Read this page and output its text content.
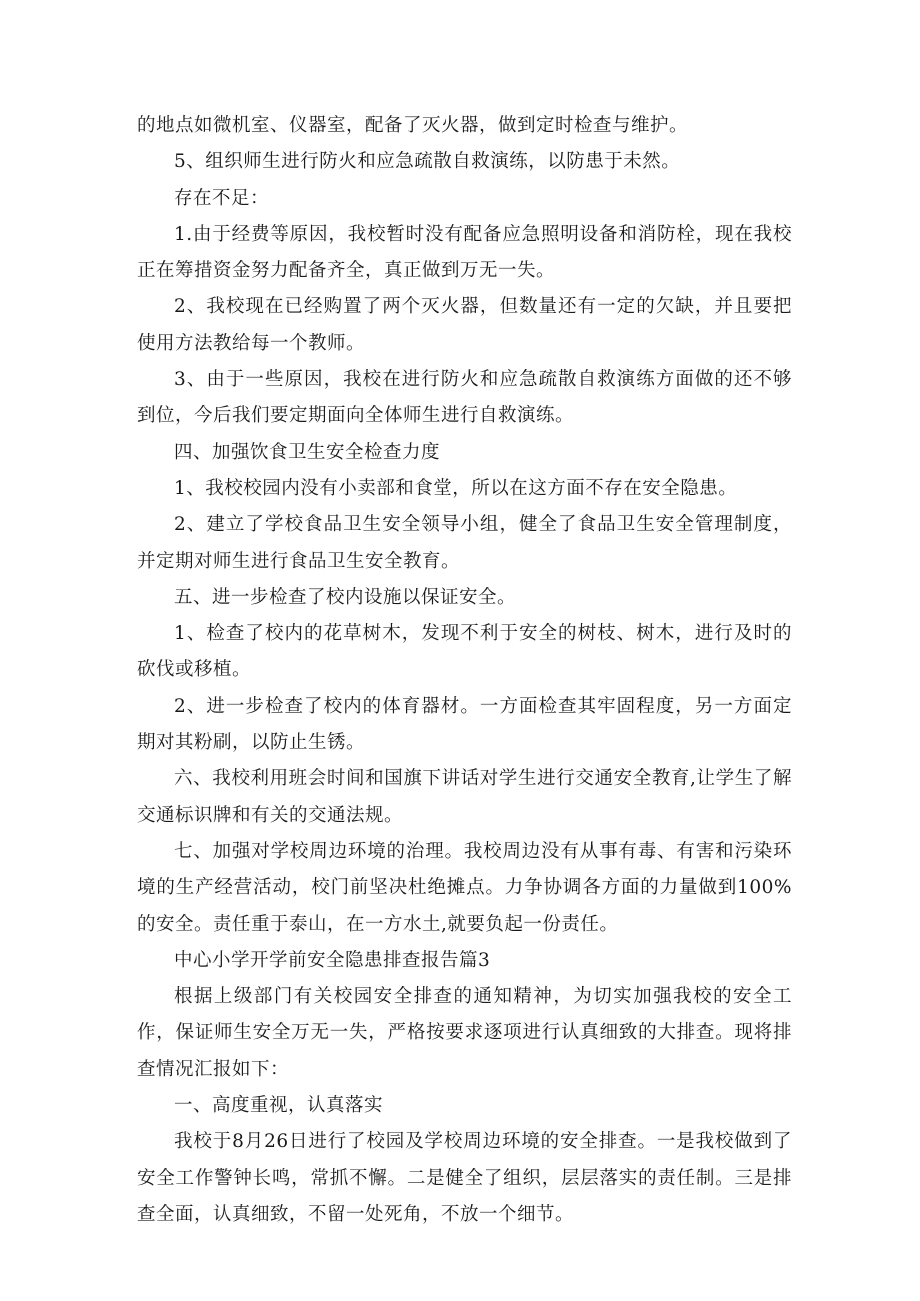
的地点如微机室、仪器室，配备了灭火器，做到定时检查与维护。

5、组织师生进行防火和应急疏散自救演练，以防患于未然。

存在不足：

1.由于经费等原因，我校暂时没有配备应急照明设备和消防栓，现在我校正在筹措资金努力配备齐全，真正做到万无一失。

2、我校现在已经购置了两个灭火器，但数量还有一定的欠缺，并且要把使用方法教给每一个教师。

3、由于一些原因，我校在进行防火和应急疏散自救演练方面做的还不够到位，今后我们要定期面向全体师生进行自救演练。

四、加强饮食卫生安全检查力度

1、我校校园内没有小卖部和食堂，所以在这方面不存在安全隐患。

2、建立了学校食品卫生安全领导小组，健全了食品卫生安全管理制度，并定期对师生进行食品卫生安全教育。

五、进一步检查了校内设施以保证安全。

1、检查了校内的花草树木，发现不利于安全的树枝、树木，进行及时的砍伐或移植。

2、进一步检查了校内的体育器材。一方面检查其牢固程度，另一方面定期对其粉刷，以防止生锈。

六、我校利用班会时间和国旗下讲话对学生进行交通安全教育,让学生了解交通标识牌和有关的交通法规。

七、加强对学校周边环境的治理。我校周边没有从事有毒、有害和污染环境的生产经营活动，校门前坚决杜绝摊点。力争协调各方面的力量做到100%的安全。责任重于泰山，在一方水土,就要负起一份责任。

中心小学开学前安全隐患排查报告篇3

根据上级部门有关校园安全排查的通知精神，为切实加强我校的安全工作，保证师生安全万无一失，严格按要求逐项进行认真细致的大排查。现将排查情况汇报如下：

一、高度重视，认真落实

我校于8月26日进行了校园及学校周边环境的安全排查。一是我校做到了安全工作警钟长鸣，常抓不懈。二是健全了组织，层层落实的责任制。三是排查全面，认真细致，不留一处死角，不放一个细节。
